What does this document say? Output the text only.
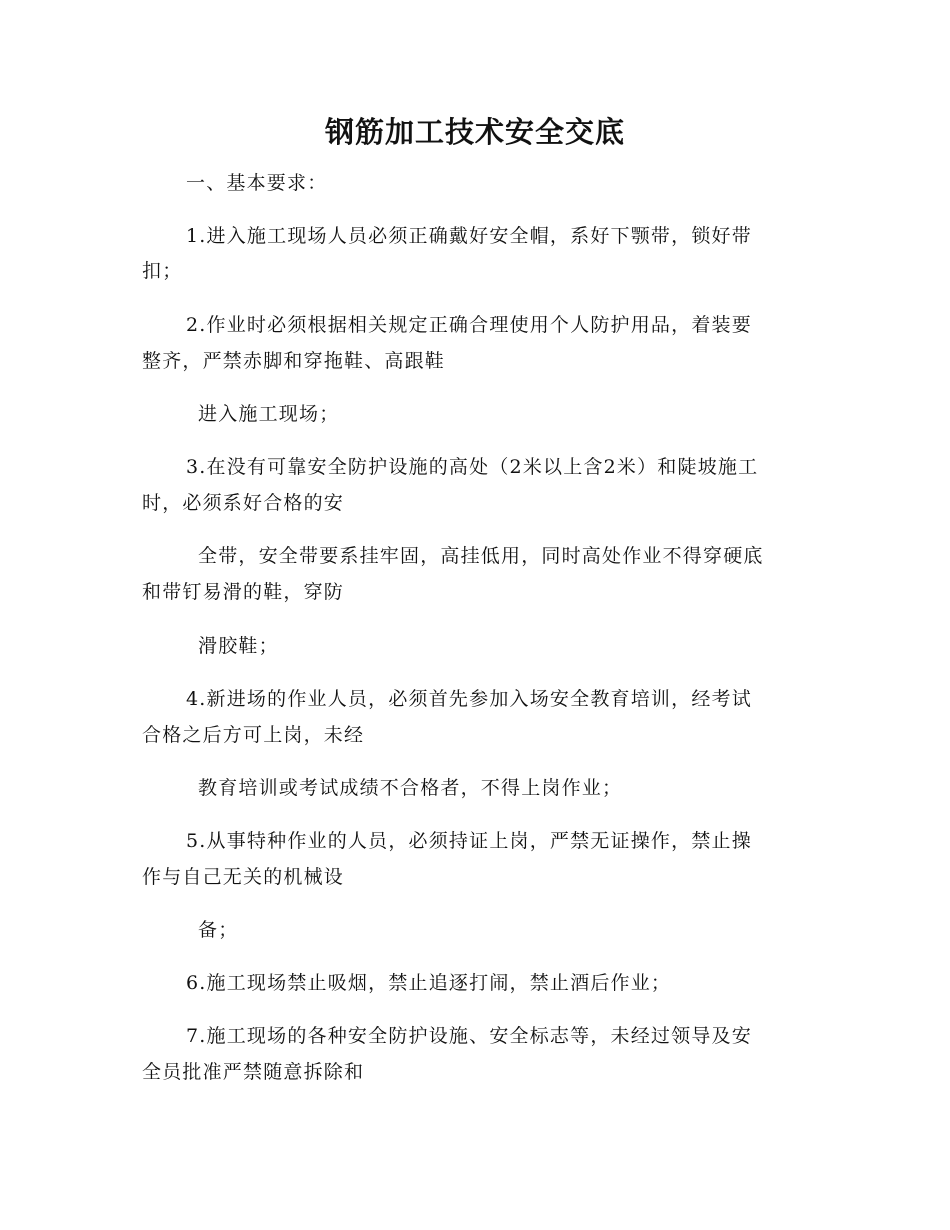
钢筋加工技术安全交底

一、基本要求：

1.进入施工现场人员必须正确戴好安全帽，系好下颚带，锁好带

扣；

2.作业时必须根据相关规定正确合理使用个人防护用品，着装要

整齐，严禁赤脚和穿拖鞋、高跟鞋

进入施工现场；

3.在没有可靠安全防护设施的高处（2米以上含2米）和陡坡施工

时，必须系好合格的安

全带，安全带要系挂牢固，高挂低用，同时高处作业不得穿硬底

和带钉易滑的鞋，穿防

滑胶鞋；

4.新进场的作业人员，必须首先参加入场安全教育培训，经考试

合格之后方可上岗，未经

教育培训或考试成绩不合格者，不得上岗作业；

5.从事特种作业的人员，必须持证上岗，严禁无证操作，禁止操

作与自己无关的机械设

备；

6.施工现场禁止吸烟，禁止追逐打闹，禁止酒后作业；

7.施工现场的各种安全防护设施、安全标志等，未经过领导及安

全员批准严禁随意拆除和
